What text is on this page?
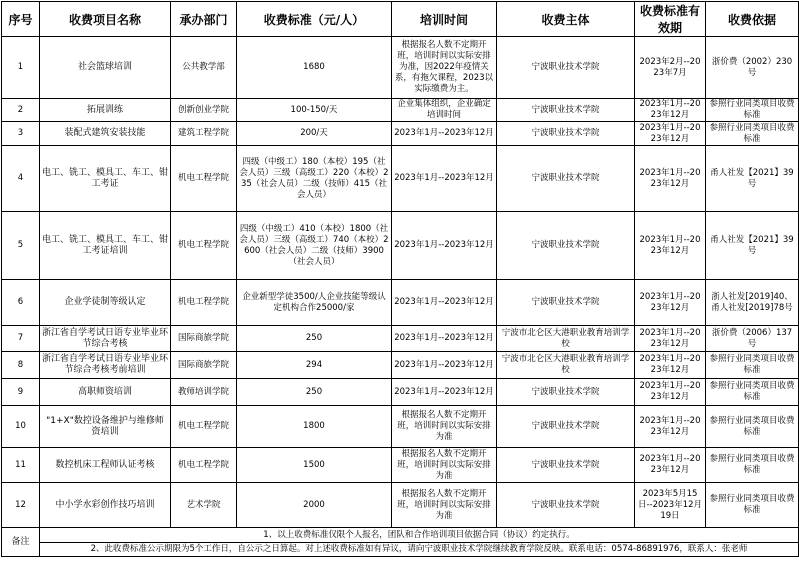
序号	收费项目名称	承办部门	收费标准（元/人）	培训时间	收费主体	收费标准有效期	收费依据
1	社会篮球培训	公共教学部	1680	根据报名人数不定期开班，培训时间以实际安排为准，因2022年疫情关系，有拖欠课程，2023以实际缴费为主。	宁波职业技术学院	2023年2月--2023年7月	浙价费（2002）230号
2	拓展训练	创新创业学院	100-150/天	企业集体组织，企业确定培训时间	宁波职业技术学院	2023年1月--2023年12月	参照行业同类项目收费标准
3	装配式建筑安装技能	建筑工程学院	200/天	2023年1月--2023年12月	宁波职业技术学院	2023年1月--2023年12月	参照行业同类项目收费标准
4	电工、铣工、模具工、车工、钳工考证	机电工程学院	四级（中级工）180（本校）195（社会人员）三级（高级工）220（本校）235（社会人员）二级（技师）415（社会人员）	2023年1月--2023年12月	宁波职业技术学院	2023年1月--2023年12月	甬人社发【2021】39号
5	电工、铣工、模具工、车工、钳工考证培训	机电工程学院	四级（中级工）410（本校）1800（社会人员）三级（高级工）740（本校）2600（社会人员）二级（技师）3900（社会人员）	2023年1月--2023年12月	宁波职业技术学院	2023年1月--2023年12月	甬人社发【2021】39号
6	企业学徒制等级认定	机电工程学院	企业新型学徒3500/人企业技能等级认定机构合作25000/家	2023年1月--2023年12月	宁波职业技术学院	2023年1月--2023年12月	浙人社发[2019]40、甬人社发[2019]78号
7	浙江省自学考试日语专业毕业环节综合考核	国际商旅学院	250	2023年1月--2023年12月	宁波市北仑区大港职业教育培训学校	2023年1月--2023年12月	浙价费（2006）137号
8	浙江省自学考试日语专业毕业环节综合考核考前培训	国际商旅学院	294	2023年1月--2023年12月	宁波市北仑区大港职业教育培训学校	2023年1月--2023年12月	参照行业同类项目收费标准
9	高职师资培训	教师培训学院	250	2023年1月--2023年12月	宁波职业技术学院	2023年1月--2023年12月	参照行业同类项目收费标准
10	"1+X"数控设备维护与维修师资培训	机电工程学院	1800	根据报名人数不定期开班，培训时间以实际安排为准	宁波职业技术学院	2023年1月--2023年12月	参照行业同类项目收费标准
11	数控机床工程师认证考核	机电工程学院	1500	根据报名人数不定期开班，培训时间以实际安排为准	宁波职业技术学院	2023年1月--2023年12月	参照行业同类项目收费标准
12	中小学水彩创作技巧培训	艺术学院	2000	根据报名人数不定期开班，培训时间以实际安排为准	宁波职业技术学院	2023年5月15日--2023年12月19日	参照行业同类项目收费标准
备注	1、以上收费标准仅限个人报名，团队和合作培训项目依据合同（协议）约定执行。						
	2、此收费标准公示期限为5个工作日，自公示之日算起。对上述收费标准如有异议，请向宁波职业技术学院继续教育学院反映。联系电话：0574-86891976，联系人：张老师						
